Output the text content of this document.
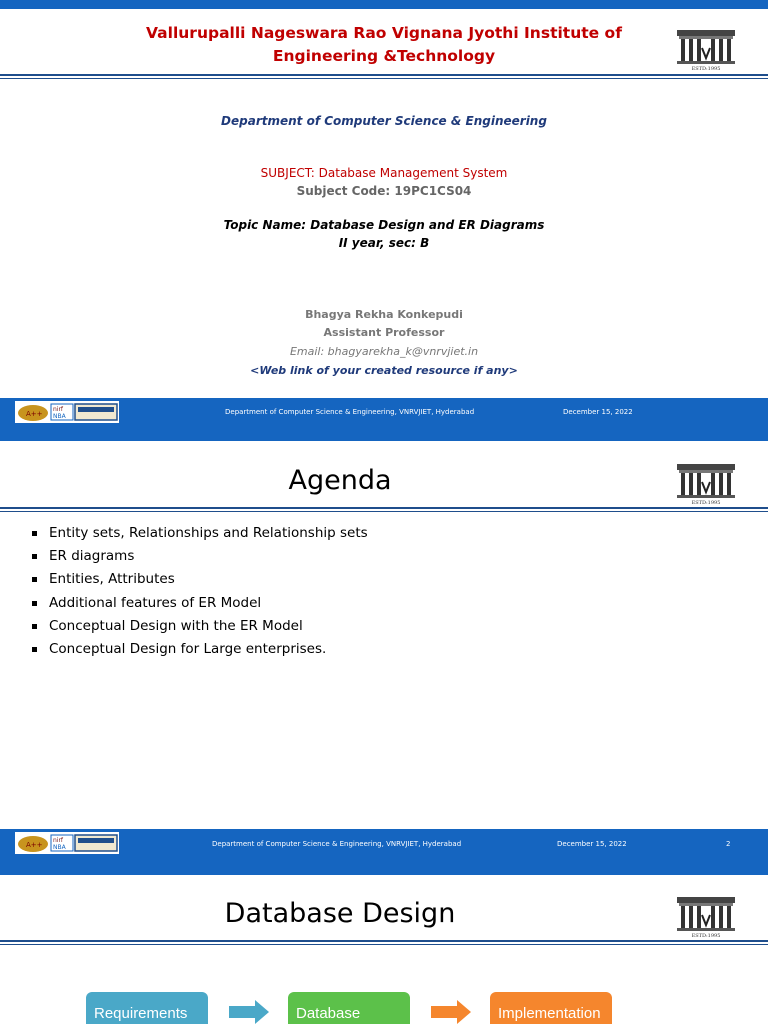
Vallurupalli Nageswara Rao Vignana Jyothi Institute of
Engineering &Technology
ESTD:1995
Department of Computer Science & Engineering
SUBJECT: Database Management System
Subject Code: 19PC1CS04
Topic Name: Database Design and ER Diagrams
II year, sec: B
Bhagya Rekha Konkepudi
Assistant Professor
Email: bhagyarekha_k@vnrvjiet.in
<Web link of your created resource if any>
A++
nirf
NBA
Department of Computer Science & Engineering, VNRVJIET, Hyderabad	December 15, 2022
Agenda
ESTD:1995
Entity sets, Relationships and Relationship sets
ER diagrams
Entities, Attributes
Additional features of ER Model
Conceptual Design with the ER Model
Conceptual Design for Large enterprises.
A++
nirf
NBA	Department of Computer Science & Engineering, VNRVJIET, Hyderabad	December 15, 2022	2
Database Design
ESTD:1995
Requirements	Database	Implementation
